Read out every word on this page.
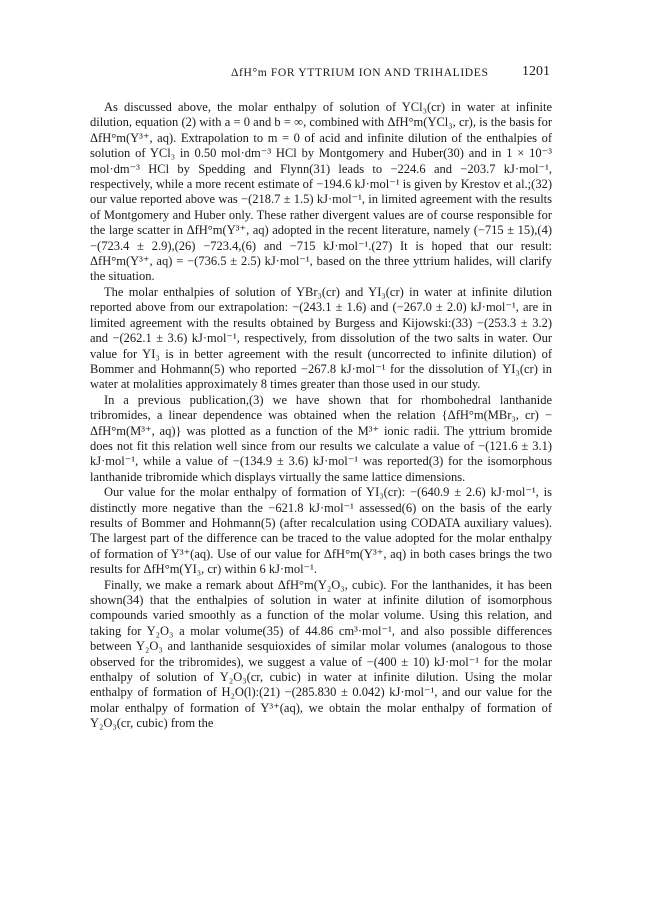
ΔfH°m FOR YTTRIUM ION AND TRIHALIDES 1201

As discussed above, the molar enthalpy of solution of YCl₃(cr) in water at infinite dilution, equation (2) with a = 0 and b = ∞, combined with ΔfH°m(YCl₃, cr), is the basis for ΔfH°m(Y³⁺, aq). Extrapolation to m = 0 of acid and infinite dilution of the enthalpies of solution of YCl₃ in 0.50 mol·dm⁻³ HCl by Montgomery and Huber(30) and in 1 × 10⁻³ mol·dm⁻³ HCl by Spedding and Flynn(31) leads to −224.6 and −203.7 kJ·mol⁻¹, respectively, while a more recent estimate of −194.6 kJ·mol⁻¹ is given by Krestov et al.;(32) our value reported above was −(218.7 ± 1.5) kJ·mol⁻¹, in limited agreement with the results of Montgomery and Huber only. These rather divergent values are of course responsible for the large scatter in ΔfH°m(Y³⁺, aq) adopted in the recent literature, namely (−715 ± 15),(4) −(723.4 ± 2.9),(26) −723.4,(6) and −715 kJ·mol⁻¹.(27) It is hoped that our result: ΔfH°m(Y³⁺, aq) = −(736.5 ± 2.5) kJ·mol⁻¹, based on the three yttrium halides, will clarify the situation.

The molar enthalpies of solution of YBr₃(cr) and YI₃(cr) in water at infinite dilution reported above from our extrapolation: −(243.1 ± 1.6) and (−267.0 ± 2.0) kJ·mol⁻¹, are in limited agreement with the results obtained by Burgess and Kijowski:(33) −(253.3 ± 3.2) and −(262.1 ± 3.6) kJ·mol⁻¹, respectively, from dissolution of the two salts in water. Our value for YI₃ is in better agreement with the result (uncorrected to infinite dilution) of Bommer and Hohmann(5) who reported −267.8 kJ·mol⁻¹ for the dissolution of YI₃(cr) in water at molalities approximately 8 times greater than those used in our study.

In a previous publication,(3) we have shown that for rhombohedral lanthanide tribromides, a linear dependence was obtained when the relation {ΔfH°m(MBr₃, cr) − ΔfH°m(M³⁺, aq)} was plotted as a function of the M³⁺ ionic radii. The yttrium bromide does not fit this relation well since from our results we calculate a value of −(121.6 ± 3.1) kJ·mol⁻¹, while a value of −(134.9 ± 3.6) kJ·mol⁻¹ was reported(3) for the isomorphous lanthanide tribromide which displays virtually the same lattice dimensions.

Our value for the molar enthalpy of formation of YI₃(cr): −(640.9 ± 2.6) kJ·mol⁻¹, is distinctly more negative than the −621.8 kJ·mol⁻¹ assessed(6) on the basis of the early results of Bommer and Hohmann(5) (after recalculation using CODATA auxiliary values). The largest part of the difference can be traced to the value adopted for the molar enthalpy of formation of Y³⁺(aq). Use of our value for ΔfH°m(Y³⁺, aq) in both cases brings the two results for ΔfH°m(YI₃, cr) within 6 kJ·mol⁻¹.

Finally, we make a remark about ΔfH°m(Y₂O₃, cubic). For the lanthanides, it has been shown(34) that the enthalpies of solution in water at infinite dilution of isomorphous compounds varied smoothly as a function of the molar volume. Using this relation, and taking for Y₂O₃ a molar volume(35) of 44.86 cm³·mol⁻¹, and also possible differences between Y₂O₃ and lanthanide sesquioxides of similar molar volumes (analogous to those observed for the tribromides), we suggest a value of −(400 ± 10) kJ·mol⁻¹ for the molar enthalpy of solution of Y₂O₃(cr, cubic) in water at infinite dilution. Using the molar enthalpy of formation of H₂O(l):(21) −(285.830 ± 0.042) kJ·mol⁻¹, and our value for the molar enthalpy of formation of Y³⁺(aq), we obtain the molar enthalpy of formation of Y₂O₃(cr, cubic) from the
